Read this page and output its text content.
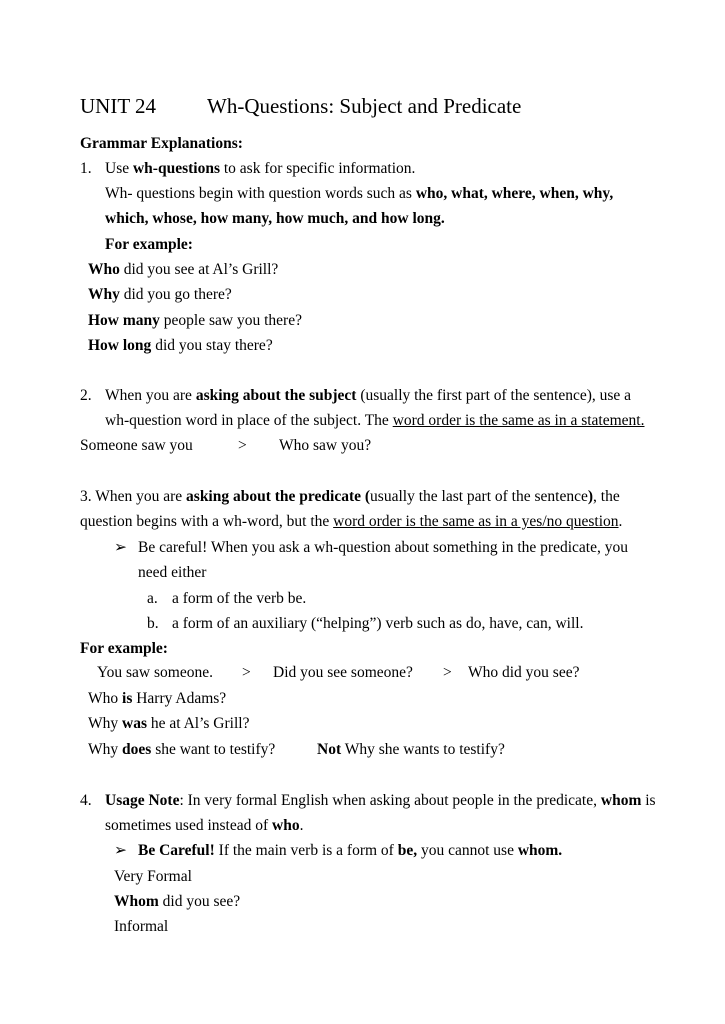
UNIT 24 Wh-Questions: Subject and Predicate
Grammar Explanations:
1. Use wh-questions to ask for specific information.
Wh- questions begin with question words such as who, what, where, when, why,
which, whose, how many, how much, and how long.
For example:
Who did you see at Al’s Grill?
Why did you go there?
How many people saw you there?
How long did you stay there?
2. When you are asking about the subject (usually the first part of the sentence), use a
wh-question word in place of the subject. The word order is the same as in a statement.
Someone saw you	> Who saw you?
3. When you are asking about the predicate (usually the last part of the sentence), the
question begins with a wh-word, but the word order is the same as in a yes/no question.
➢ Be careful! When you ask a wh-question about something in the predicate, you
need either
a. a form of the verb be.
b. a form of an auxiliary (“helping”) verb such as do, have, can, will.
For example:
You saw someone. > Did you see someone? > Who did you see?
Who is Harry Adams?
Why was he at Al’s Grill?
Why does she want to testify?	Not Why she wants to testify?
4. Usage Note: In very formal English when asking about people in the predicate, whom is
sometimes used instead of who.
➢ Be Careful! If the main verb is a form of be, you cannot use whom.
Very Formal
Whom did you see?
Informal
